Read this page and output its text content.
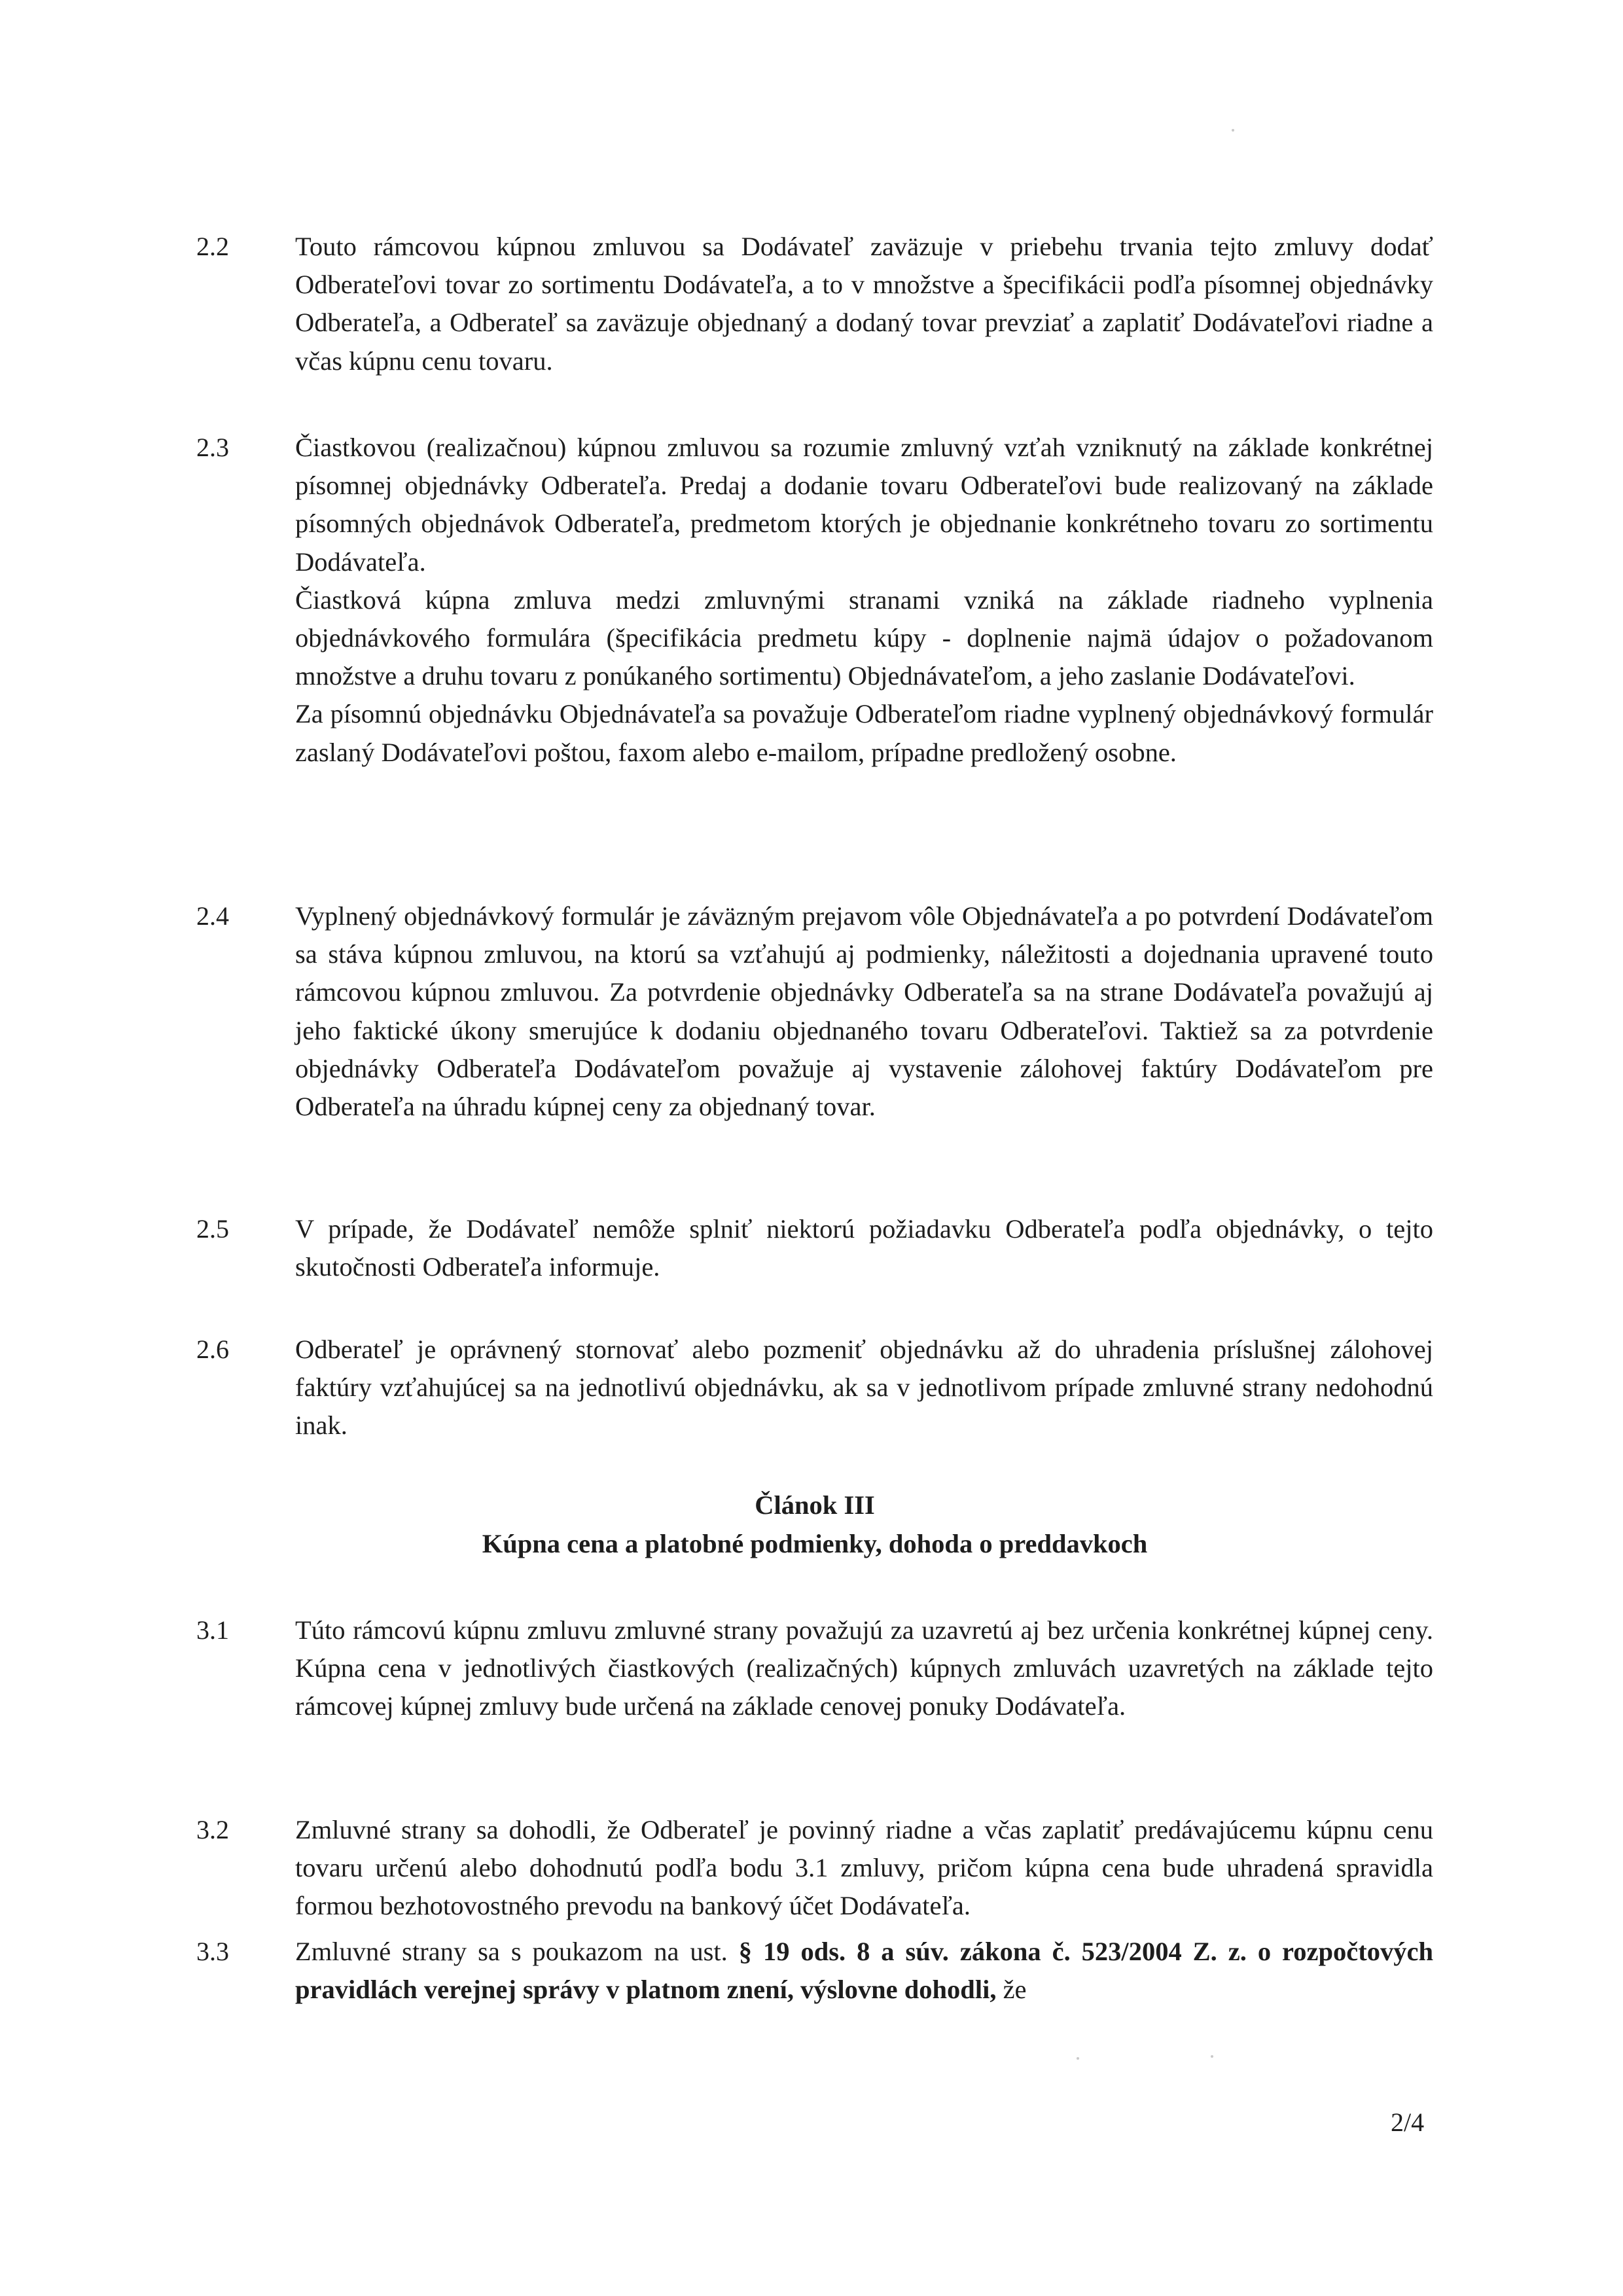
2.2 Touto rámcovou kúpnou zmluvou sa Dodávateľ zaväzuje v priebehu trvania tejto zmluvy dodať Odberateľovi tovar zo sortimentu Dodávateľa, a to v množstve a špecifikácii podľa písomnej objednávky Odberateľa, a Odberateľ sa zaväzuje objednaný a dodaný tovar prevziať a zaplatiť Dodávateľovi riadne a včas kúpnu cenu tovaru.

2.3 Čiastkovou (realizačnou) kúpnou zmluvou sa rozumie zmluvný vzťah vzniknutý na základe konkrétnej písomnej objednávky Odberateľa. Predaj a dodanie tovaru Odberateľovi bude realizovaný na základe písomných objednávok Odberateľa, predmetom ktorých je objednanie konkrétneho tovaru zo sortimentu Dodávateľa.

Čiastková kúpna zmluva medzi zmluvnými stranami vzniká na základe riadneho vyplnenia objednávkového formulára (špecifikácia predmetu kúpy - doplnenie najmä údajov o požadovanom množstve a druhu tovaru z ponúkaného sortimentu) Objednávateľom, a jeho zaslanie Dodávateľovi.

Za písomnú objednávku Objednávateľa sa považuje Odberateľom riadne vyplnený objednávkový formulár zaslaný Dodávateľovi poštou, faxom alebo e-mailom, prípadne predložený osobne.

2.4 Vyplnený objednávkový formulár je záväzným prejavom vôle Objednávateľa a po potvrdení Dodávateľom sa stáva kúpnou zmluvou, na ktorú sa vzťahujú aj podmienky, náležitosti a dojednania upravené touto rámcovou kúpnou zmluvou. Za potvrdenie objednávky Odberateľa sa na strane Dodávateľa považujú aj jeho faktické úkony smerujúce k dodaniu objednaného tovaru Odberateľovi. Taktiež sa za potvrdenie objednávky Odberateľa Dodávateľom považuje aj vystavenie zálohovej faktúry Dodávateľom pre Odberateľa na úhradu kúpnej ceny za objednaný tovar.

2.5 V prípade, že Dodávateľ nemôže splniť niektorú požiadavku Odberateľa podľa objednávky, o tejto skutočnosti Odberateľa informuje.

2.6 Odberateľ je oprávnený stornovať alebo pozmeniť objednávku až do uhradenia príslušnej zálohovej faktúry vzťahujúcej sa na jednotlivú objednávku, ak sa v jednotlivom prípade zmluvné strany nedohodnú inak.

Článok III
Kúpna cena a platobné podmienky, dohoda o preddavkoch
3.1 Túto rámcovú kúpnu zmluvu zmluvné strany považujú za uzavretú aj bez určenia konkrétnej kúpnej ceny. Kúpna cena v jednotlivých čiastkových (realizačných) kúpnych zmluvách uzavretých na základe tejto rámcovej kúpnej zmluvy bude určená na základe cenovej ponuky Dodávateľa.

3.2 Zmluvné strany sa dohodli, že Odberateľ je povinný riadne a včas zaplatiť predávajúcemu kúpnu cenu tovaru určenú alebo dohodnutú podľa bodu 3.1 zmluvy, pričom kúpna cena bude uhradená spravidla formou bezhotovostného prevodu na bankový účet Dodávateľa.

3.3 Zmluvné strany sa s poukazom na ust. § 19 ods. 8 a súv. zákona č. 523/2004 Z. z. o rozpočtových pravidlách verejnej správy v platnom znení, výslovne dohodli, že

2/4
